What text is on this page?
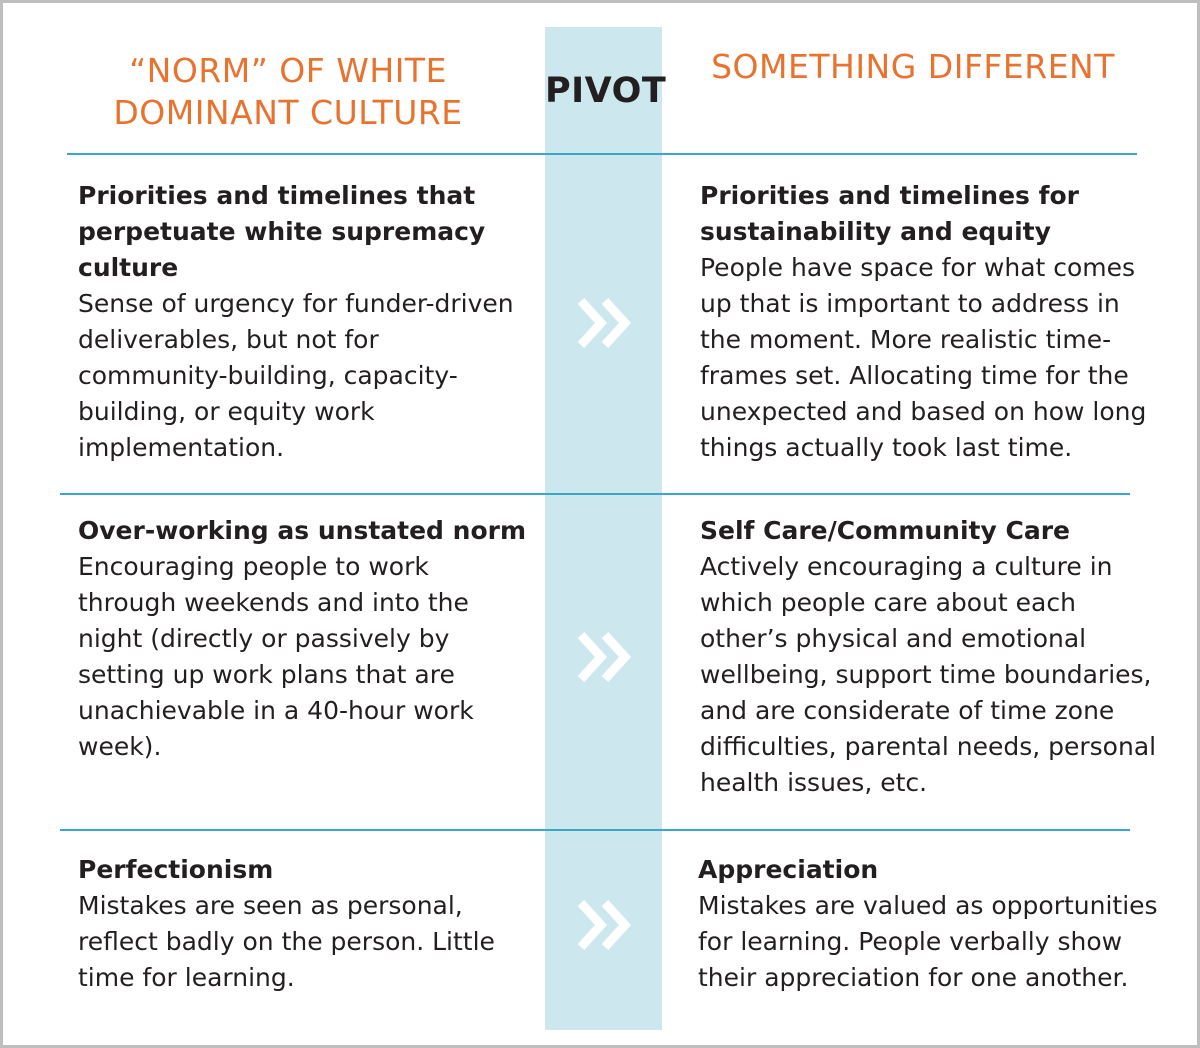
“NORM” OF WHITE DOMINANT CULTURE
PIVOT
SOMETHING DIFFERENT
Priorities and timelines that perpetuate white supremacy culture
Sense of urgency for funder-driven deliverables, but not for community-building, capacity-building, or equity work implementation.
Priorities and timelines for sustainability and equity
People have space for what comes up that is important to address in the moment. More realistic time-frames set. Allocating time for the unexpected and based on how long things actually took last time.
Over-working as unstated norm
Encouraging people to work through weekends and into the night (directly or passively by setting up work plans that are unachievable in a 40-hour work week).
Self Care/Community Care
Actively encouraging a culture in which people care about each other’s physical and emotional wellbeing, support time boundaries, and are considerate of time zone difficulties, parental needs, personal health issues, etc.
Perfectionism
Mistakes are seen as personal, reflect badly on the person. Little time for learning.
Appreciation
Mistakes are valued as opportunities for learning. People verbally show their appreciation for one another.
